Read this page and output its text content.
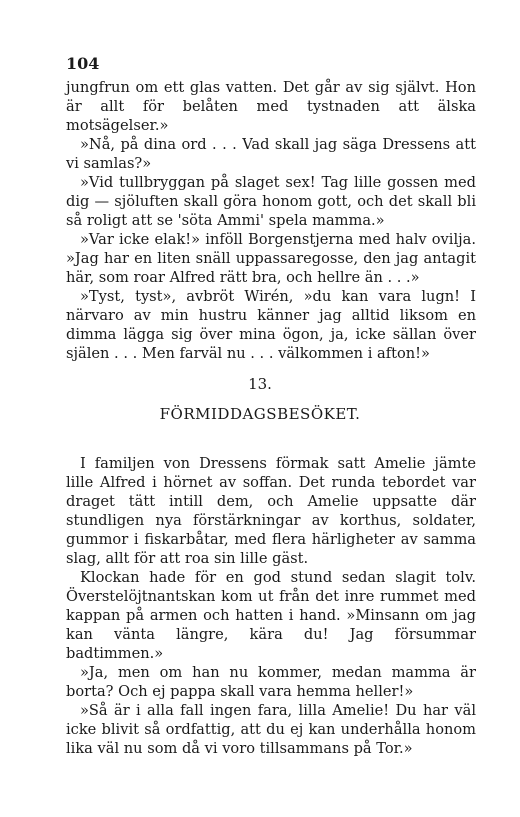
104

jungfrun om ett glas vatten. Det går av sig självt. Hon är allt för belåten med tystnaden att älska motsägelser.»

»Nå, på dina ord . . . Vad skall jag säga Dressens att vi samlas?»

»Vid tullbryggan på slaget sex! Tag lille gossen med dig — sjöluften skall göra honom gott, och det skall bli så roligt att se 'söta Ammi' spela mamma.»

»Var icke elak!» inföll Borgenstjerna med halv ovilja. »Jag har en liten snäll uppassaregosse, den jag antagit här, som roar Alfred rätt bra, och hellre än . . .»

»Tyst, tyst», avbröt Wirén, »du kan vara lugn! I närvaro av min hustru känner jag alltid liksom en dimma lägga sig över mina ögon, ja, icke sällan över själen . . . Men farväl nu . . . välkommen i afton!»

13.
FÖRMIDDAGSBESÖKET.

I familjen von Dressens förmak satt Amelie jämte lille Alfred i hörnet av soffan. Det runda tebordet var draget tätt intill dem, och Amelie uppsatte där stundligen nya förstärkningar av korthus, soldater, gummor i fiskarbåtar, med flera härligheter av samma slag, allt för att roa sin lille gäst.

Klockan hade för en god stund sedan slagit tolv. Överstelöjtnantskan kom ut från det inre rummet med kappan på armen och hatten i hand. »Minsann om jag kan vänta längre, kära du! Jag försummar badtimmen.»

»Ja, men om han nu kommer, medan mamma är borta? Och ej pappa skall vara hemma heller!»

»Så är i alla fall ingen fara, lilla Amelie! Du har väl icke blivit så ordfattig, att du ej kan underhålla honom lika väl nu som då vi voro tillsammans på Tor.»
